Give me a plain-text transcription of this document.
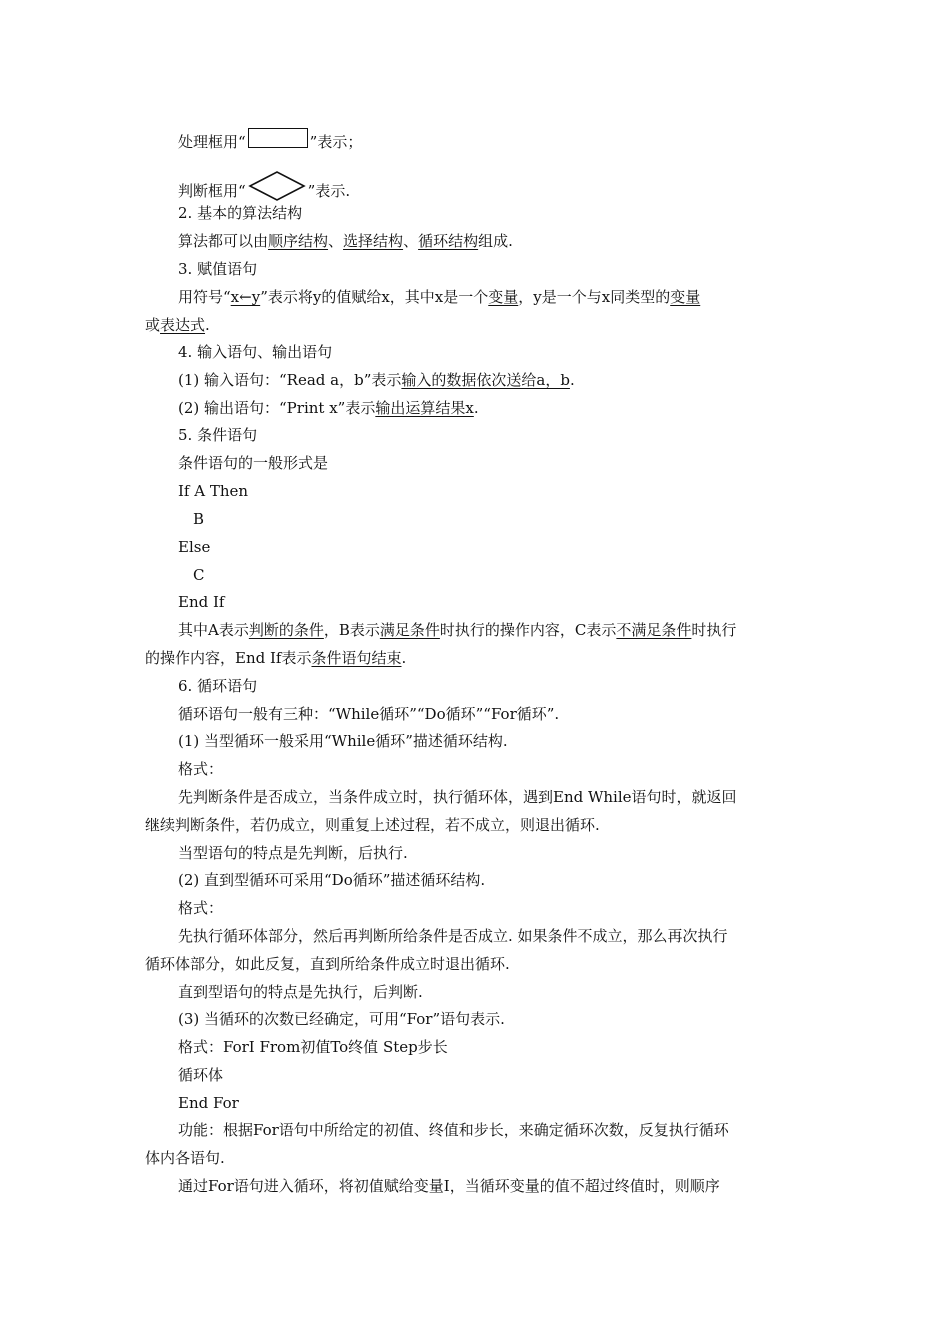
处理框用“	”表示；
判断框用“	”表示.
2. 基本的算法结构
算法都可以由顺序结构、选择结构、循环结构组成.
3. 赋值语句
用符号“x←y”表示将y的值赋给x，其中x是一个变量，y是一个与x同类型的变量
或表达式.
4. 输入语句、输出语句
(1) 输入语句：“Read a，b”表示输入的数据依次送给a，b.
(2) 输出语句：“Print x”表示输出运算结果x.
5. 条件语句
条件语句的一般形式是
If A Then
B
Else
C
End If
其中A表示判断的条件，B表示满足条件时执行的操作内容，C表示不满足条件时执行
的操作内容，End If表示条件语句结束.
6. 循环语句
循环语句一般有三种：“While循环”“Do循环”“For循环”.
(1) 当型循环一般采用“While循环”描述循环结构.
格式：
先判断条件是否成立，当条件成立时，执行循环体，遇到End While语句时，就返回
继续判断条件，若仍成立，则重复上述过程，若不成立，则退出循环.
当型语句的特点是先判断，后执行.
(2) 直到型循环可采用“Do循环”描述循环结构.
格式：
先执行循环体部分，然后再判断所给条件是否成立. 如果条件不成立，那么再次执行
循环体部分，如此反复，直到所给条件成立时退出循环.
直到型语句的特点是先执行，后判断.
(3) 当循环的次数已经确定，可用“For”语句表示.
格式：ForI From初值To终值 Step步长
循环体
End For
功能：根据For语句中所给定的初值、终值和步长，来确定循环次数，反复执行循环
体内各语句.
通过For语句进入循环，将初值赋给变量I，当循环变量的值不超过终值时，则顺序
